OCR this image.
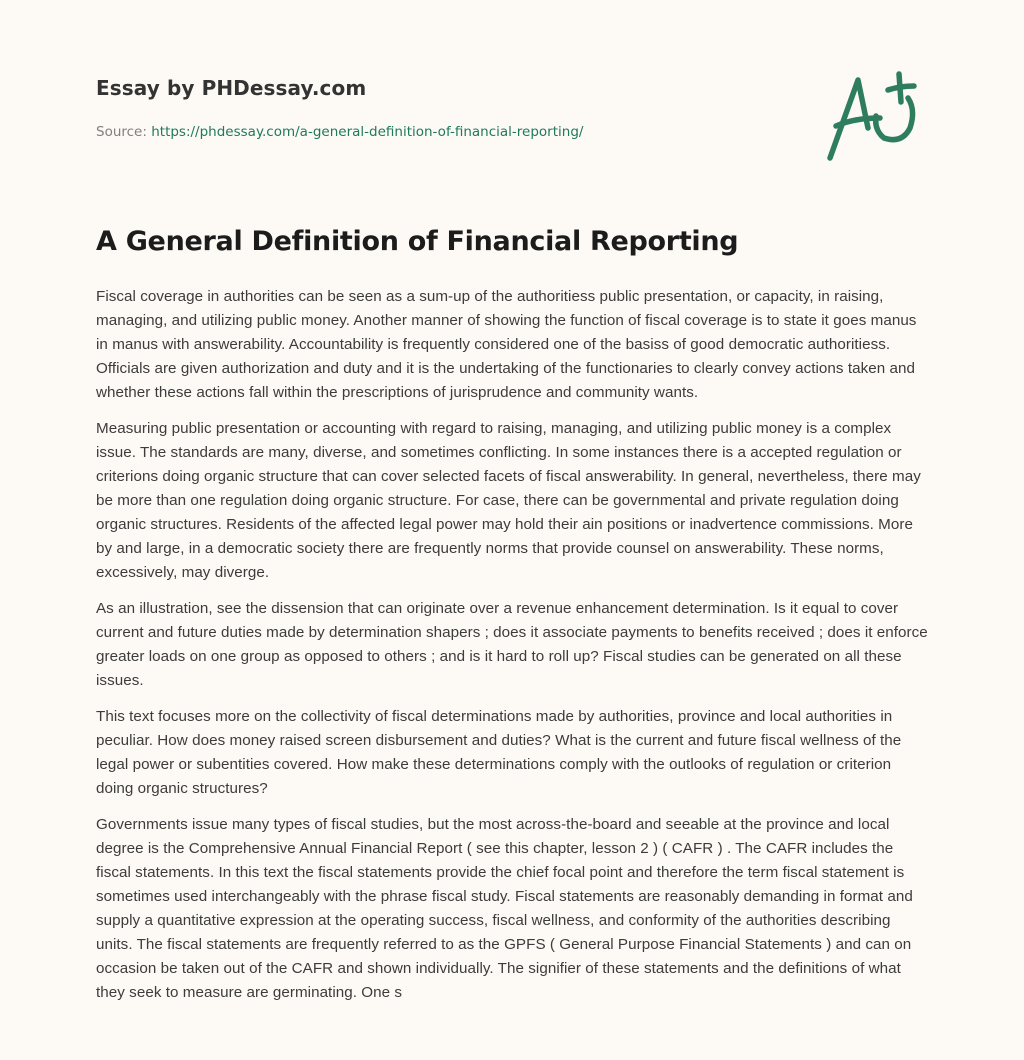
Essay by PHDessay.com
Source: https://phdessay.com/a-general-definition-of-financial-reporting/
A General Definition of Financial Reporting

Fiscal coverage in authorities can be seen as a sum-up of the authoritiess public presentation, or capacity, in raising, managing, and utilizing public money. Another manner of showing the function of fiscal coverage is to state it goes manus in manus with answerability. Accountability is frequently considered one of the basiss of good democratic authoritiess. Officials are given authorization and duty and it is the undertaking of the functionaries to clearly convey actions taken and whether these actions fall within the prescriptions of jurisprudence and community wants.

Measuring public presentation or accounting with regard to raising, managing, and utilizing public money is a complex issue. The standards are many, diverse, and sometimes conflicting. In some instances there is a accepted regulation or criterions doing organic structure that can cover selected facets of fiscal answerability. In general, nevertheless, there may be more than one regulation doing organic structure. For case, there can be governmental and private regulation doing organic structures. Residents of the affected legal power may hold their ain positions or inadvertence commissions. More by and large, in a democratic society there are frequently norms that provide counsel on answerability. These norms, excessively, may diverge.

As an illustration, see the dissension that can originate over a revenue enhancement determination. Is it equal to cover current and future duties made by determination shapers ; does it associate payments to benefits received ; does it enforce greater loads on one group as opposed to others ; and is it hard to roll up? Fiscal studies can be generated on all these issues.

This text focuses more on the collectivity of fiscal determinations made by authorities, province and local authorities in peculiar. How does money raised screen disbursement and duties? What is the current and future fiscal wellness of the legal power or subentities covered. How make these determinations comply with the outlooks of regulation or criterion doing organic structures?

Governments issue many types of fiscal studies, but the most across-the-board and seeable at the province and local degree is the Comprehensive Annual Financial Report ( see this chapter, lesson 2 ) ( CAFR ) . The CAFR includes the fiscal statements. In this text the fiscal statements provide the chief focal point and therefore the term fiscal statement is sometimes used interchangeably with the phrase fiscal study. Fiscal statements are reasonably demanding in format and supply a quantitative expression at the operating success, fiscal wellness, and conformity of the authorities describing units. The fiscal statements are frequently referred to as the GPFS ( General Purpose Financial Statements ) and can on occasion be taken out of the CAFR and shown individually. The signifier of these statements and the definitions of what they seek to measure are germinating. One s
